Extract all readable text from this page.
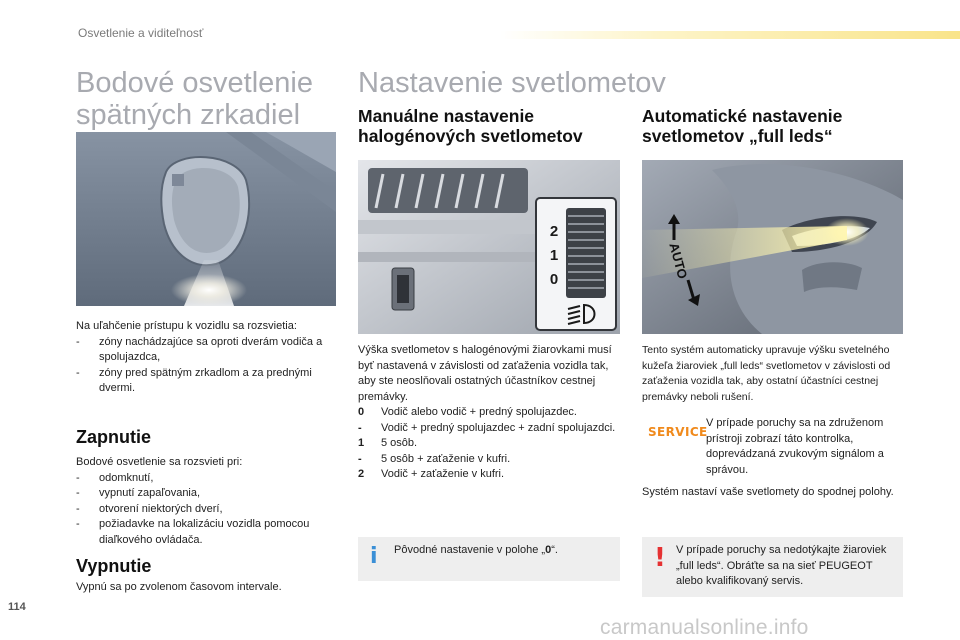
Osvetlenie a viditeľnosť
Bodové osvetlenie spätných zrkadiel

Na uľahčenie prístupu k vozidlu sa rozsvietia:

-	zóny nachádzajúce sa oproti dverám vodiča a spolujazdca,
-	zóny pred spätným zrkadlom a za prednými dvermi.
Zapnutie

Bodové osvetlenie sa rozsvieti pri:

-	odomknutí,
-	vypnutí zapaľovania,
-	otvorení niektorých dverí,
-	požiadavke na lokalizáciu vozidla pomocou diaľkového ovládača.
Vypnutie

Vypnú sa po zvolenom časovom intervale.

Nastavenie svetlometov
Manuálne nastavenie halogénových svetlometov
2
1
0

Výška svetlometov s halogénovými žiarovkami musí byť nastavená v závislosti od zaťaženia vozidla tak, aby ste neoslňovali ostatných účastníkov cestnej premávky.

0	Vodič alebo vodič + predný spolujazdec.
-	Vodič + predný spolujazdec + zadní spolujazdci.
1	5 osôb.
-	5 osôb + zaťaženie v kufri.
2	Vodič + zaťaženie v kufri.
i Pôvodné nastavenie v polohe „0“.

Automatické nastavenie svetlometov „full leds“
AUTO

Tento systém automaticky upravuje výšku svetelného kužeľa žiaroviek „full leds“ svetlometov v závislosti od zaťaženia vozidla tak, aby ostatní účastníci cestnej premávky neboli rušení.

SERVICE

V prípade poruchy sa na združenom prístroji zobrazí táto kontrolka, doprevádzaná zvukovým signálom a správou.

Systém nastaví vaše svetlomety do spodnej polohy.

! V prípade poruchy sa nedotýkajte žiaroviek „full leds“. Obráťte sa na sieť PEUGEOT alebo kvalifikovaný servis.

114
carmanualsonline.info
